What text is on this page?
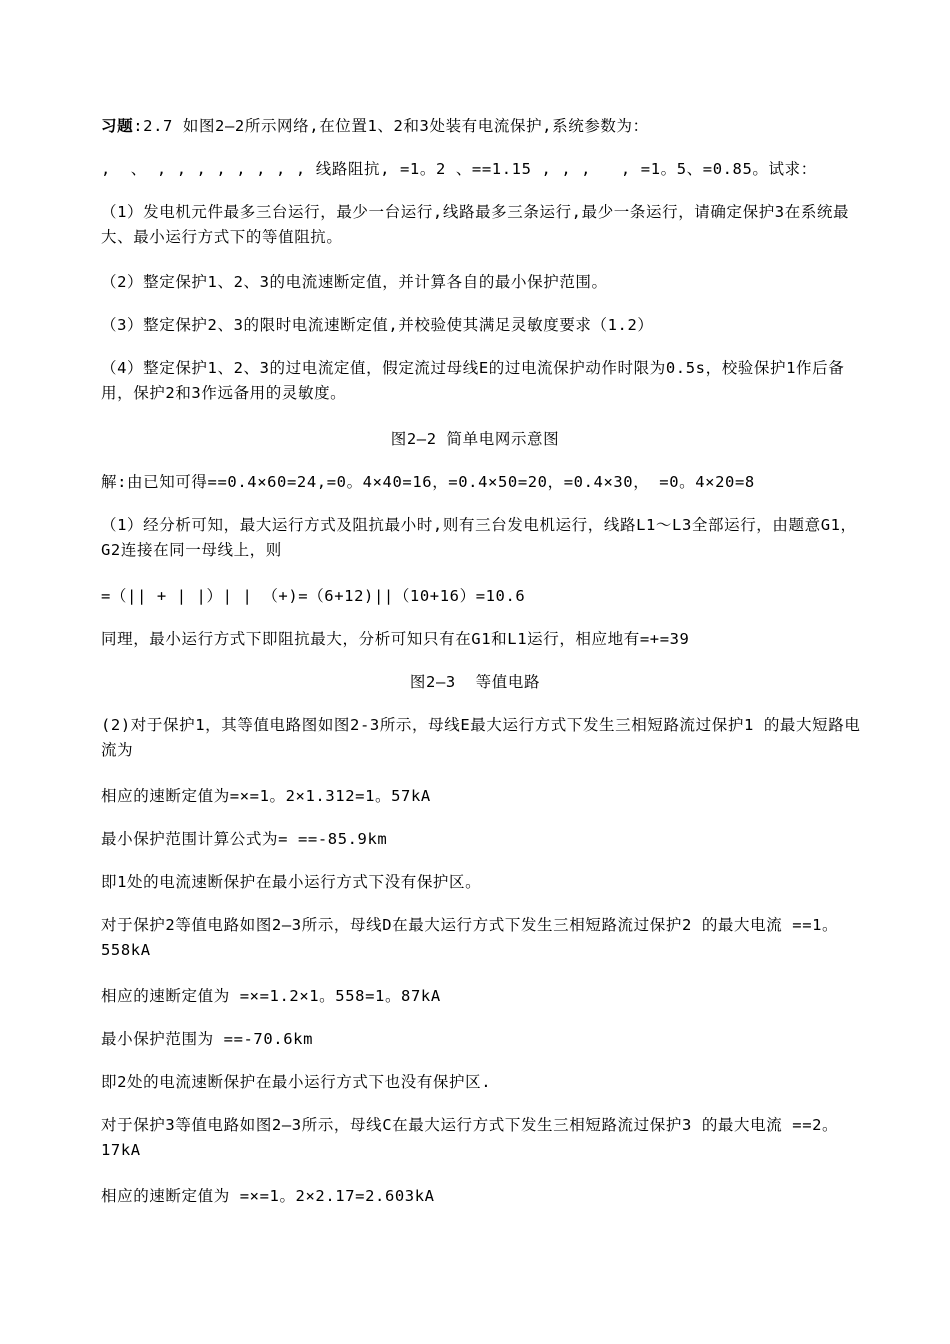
习题:2.7 如图2—2所示网络,在位置1、2和3处装有电流保护,系统参数为：
,  、 , , , , , , , , 线路阻抗, =1。2 、==1.15 , , ,   , =1。5、=0.85。试求：
（1）发电机元件最多三台运行，最少一台运行,线路最多三条运行,最少一条运行，请确定保护3在系统最大、最小运行方式下的等值阻抗。
（2）整定保护1、2、3的电流速断定值，并计算各自的最小保护范围。
（3）整定保护2、3的限时电流速断定值,并校验使其满足灵敏度要求（1.2）
（4）整定保护1、2、3的过电流定值，假定流过母线E的过电流保护动作时限为0.5s，校验保护1作后备用，保护2和3作远备用的灵敏度。
图2—2 简单电网示意图
解:由已知可得==0.4×60=24,=0。4×40=16，=0.4×50=20，=0.4×30， =0。4×20=8
（1）经分析可知，最大运行方式及阻抗最小时,则有三台发电机运行，线路L1～L3全部运行，由题意G1，G2连接在同一母线上，则
=（|| + | |）| | （+)=（6+12)||（10+16）=10.6
同理，最小运行方式下即阻抗最大，分析可知只有在G1和L1运行，相应地有=+=39
图2—3  等值电路
(2)对于保护1，其等值电路图如图2-3所示，母线E最大运行方式下发生三相短路流过保护1 的最大短路电流为
相应的速断定值为=×=1。2×1.312=1。57kA
最小保护范围计算公式为= ==-85.9km
即1处的电流速断保护在最小运行方式下没有保护区。
对于保护2等值电路如图2—3所示，母线D在最大运行方式下发生三相短路流过保护2 的最大电流 ==1。558kA
相应的速断定值为 =×=1.2×1。558=1。87kA
最小保护范围为 ==-70.6km
即2处的电流速断保护在最小运行方式下也没有保护区.
对于保护3等值电路如图2—3所示，母线C在最大运行方式下发生三相短路流过保护3 的最大电流 ==2。17kA
相应的速断定值为 =×=1。2×2.17=2.603kA
